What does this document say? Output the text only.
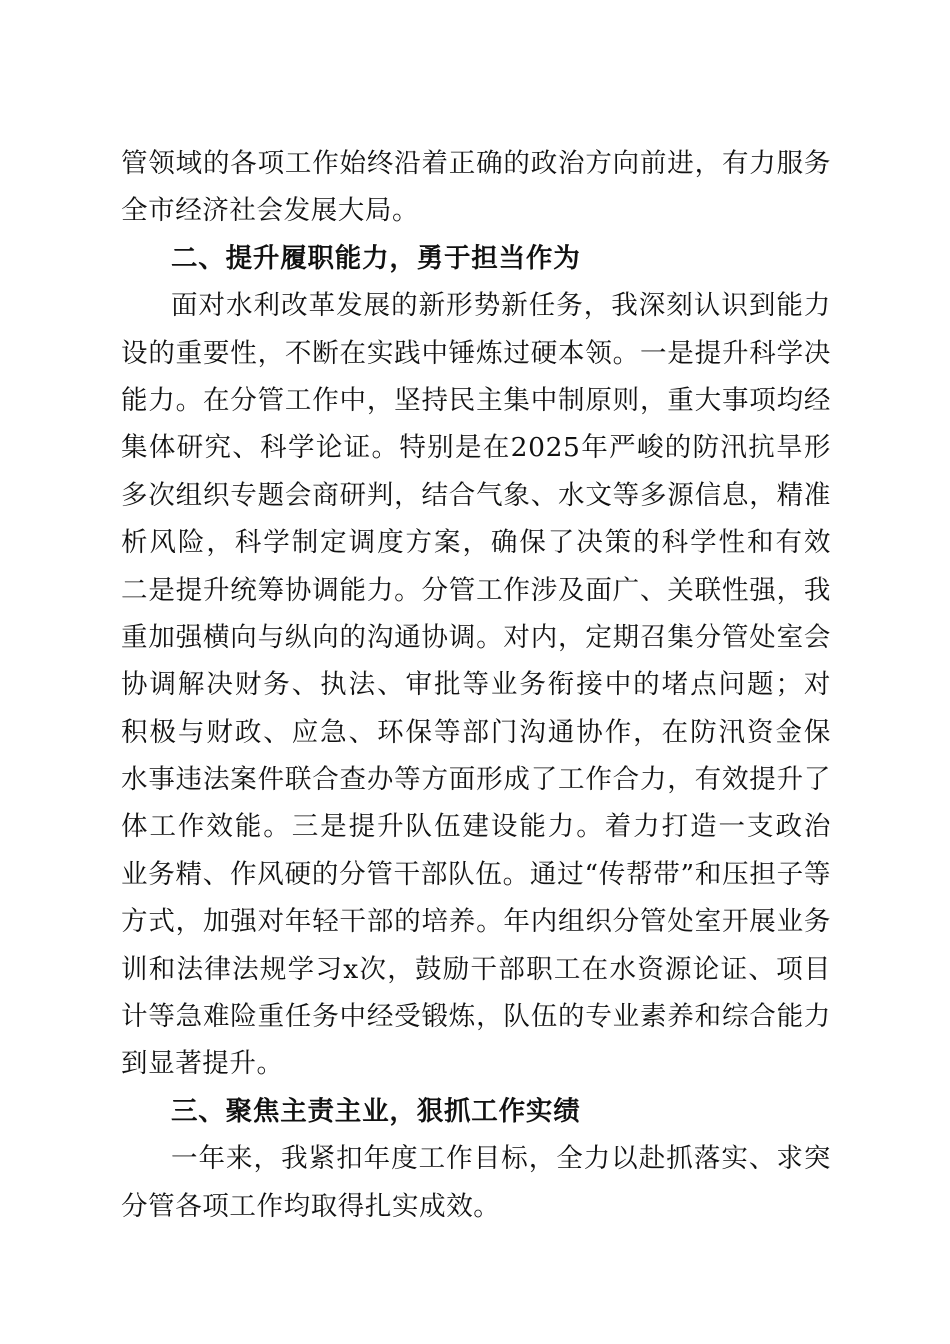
管领域的各项工作始终沿着正确的政治方向前进，有力服务
全市经济社会发展大局。
二、提升履职能力，勇于担当作为
面对水利改革发展的新形势新任务，我深刻认识到能力
设的重要性，不断在实践中锤炼过硬本领。一是提升科学决
能力。在分管工作中，坚持民主集中制原则，重大事项均经
集体研究、科学论证。特别是在2025年严峻的防汛抗旱形
多次组织专题会商研判，结合气象、水文等多源信息，精准
析风险，科学制定调度方案，确保了决策的科学性和有效
二是提升统筹协调能力。分管工作涉及面广、关联性强，我
重加强横向与纵向的沟通协调。对内，定期召集分管处室会
协调解决财务、执法、审批等业务衔接中的堵点问题；对
积极与财政、应急、环保等部门沟通协作，在防汛资金保
水事违法案件联合查办等方面形成了工作合力，有效提升了
体工作效能。三是提升队伍建设能力。着力打造一支政治
业务精、作风硬的分管干部队伍。通过“传帮带”和压担子等
方式，加强对年轻干部的培养。年内组织分管处室开展业务
训和法律法规学习x次，鼓励干部职工在水资源论证、项目
计等急难险重任务中经受锻炼，队伍的专业素养和综合能力
到显著提升。
三、聚焦主责主业，狠抓工作实绩
一年来，我紧扣年度工作目标，全力以赴抓落实、求突
分管各项工作均取得扎实成效。
